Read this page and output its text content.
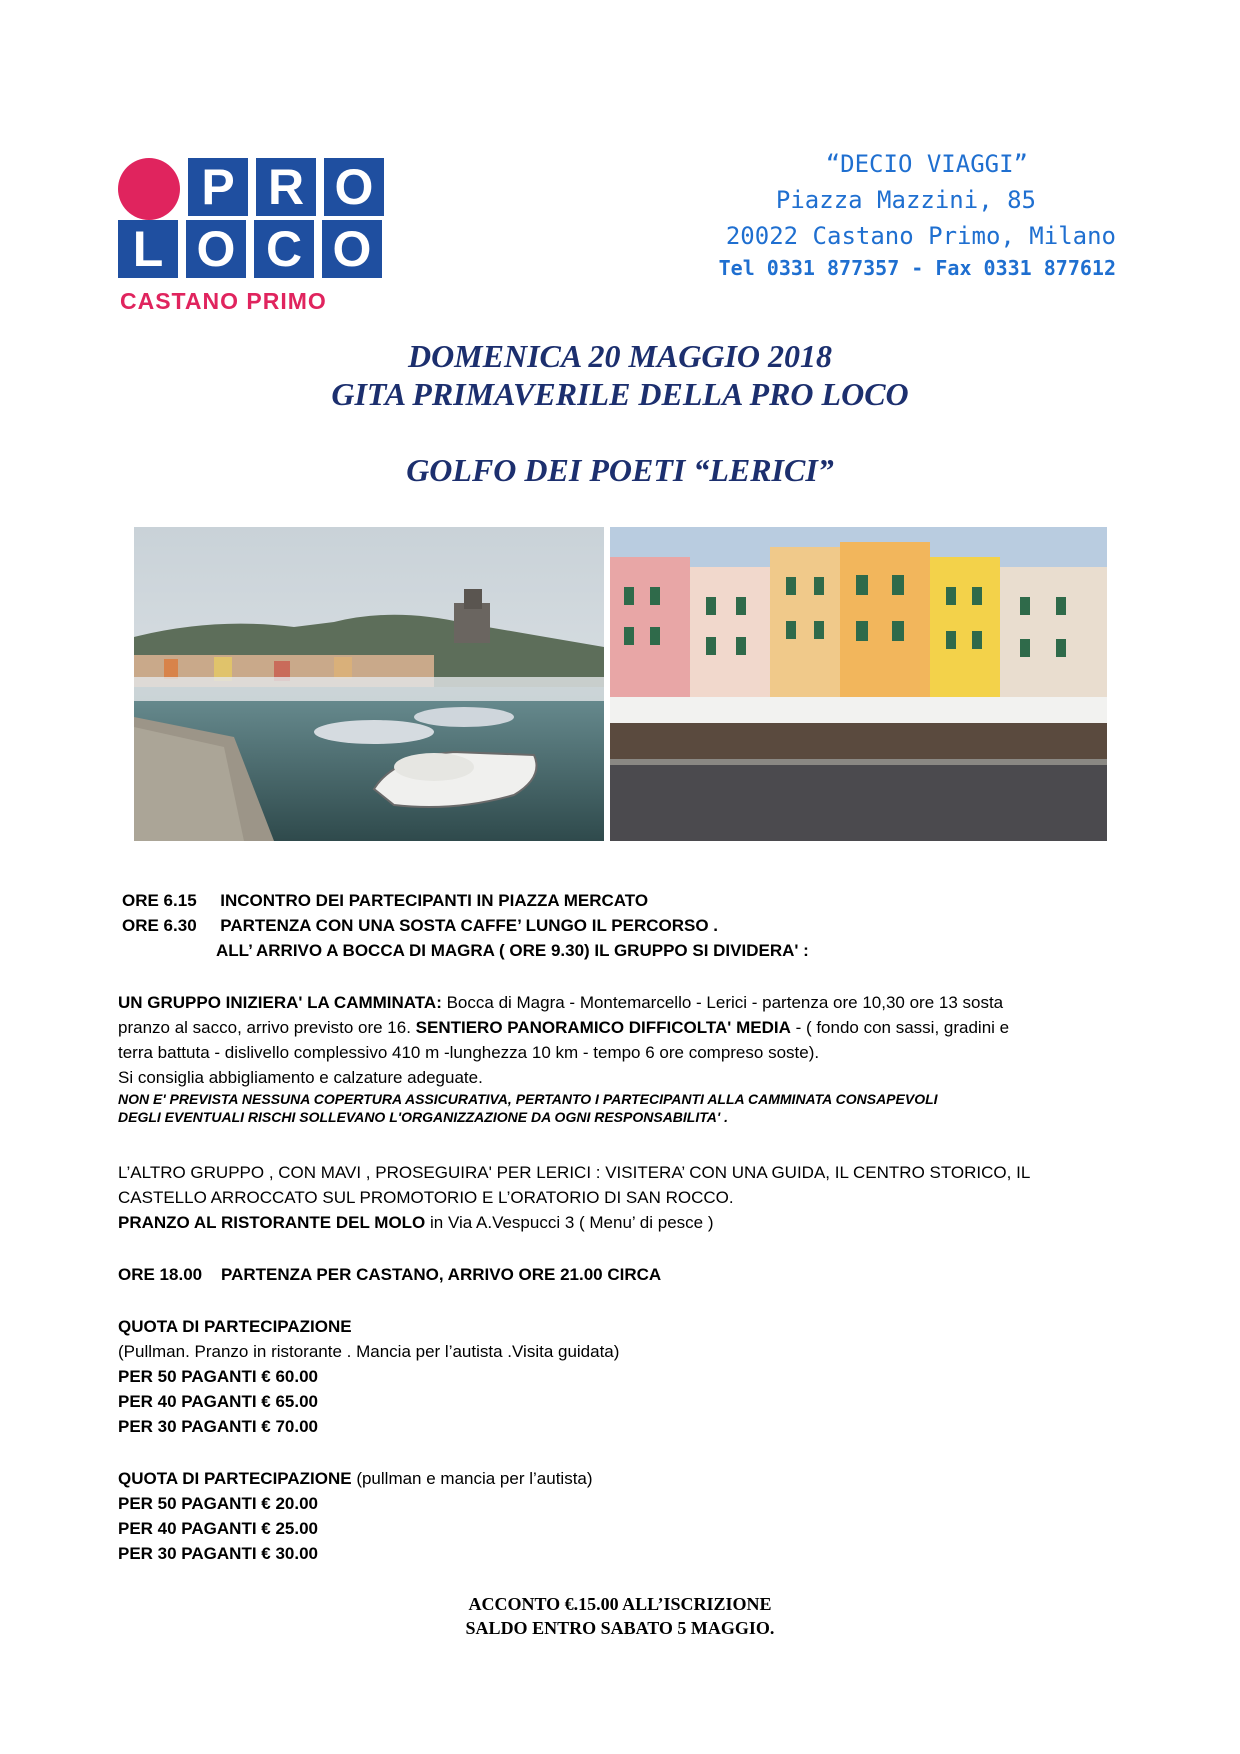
P R O
L O C O
CASTANO PRIMO
“DECIO VIAGGI”
Piazza Mazzini, 85
20022 Castano Primo, Milano
Tel 0331 877357 - Fax 0331 877612
DOMENICA 20 MAGGIO 2018
GITA PRIMAVERILE DELLA PRO LOCO
GOLFO DEI POETI “LERICI”
ORE 6.15 INCONTRO DEI PARTECIPANTI IN PIAZZA MERCATO
ORE 6.30 PARTENZA CON UNA SOSTA CAFFE’ LUNGO IL PERCORSO .
ALL’ ARRIVO A BOCCA DI MAGRA ( ORE 9.30) IL GRUPPO SI DIVIDERA' :
UN GRUPPO INIZIERA' LA CAMMINATA: Bocca di Magra - Montemarcello - Lerici - partenza ore 10,30 ore 13 sosta
pranzo al sacco, arrivo previsto ore 16. SENTIERO PANORAMICO DIFFICOLTA' MEDIA - ( fondo con sassi, gradini e
terra battuta - dislivello complessivo 410 m -lunghezza 10 km - tempo 6 ore compreso soste).
Si consiglia abbigliamento e calzature adeguate.
NON E' PREVISTA NESSUNA COPERTURA ASSICURATIVA, PERTANTO I PARTECIPANTI ALLA CAMMINATA CONSAPEVOLI
DEGLI EVENTUALI RISCHI SOLLEVANO L'ORGANIZZAZIONE DA OGNI RESPONSABILITA' .
L’ALTRO GRUPPO , CON MAVI , PROSEGUIRA' PER LERICI : VISITERA’ CON UNA GUIDA, IL CENTRO STORICO, IL
CASTELLO ARROCCATO SUL PROMOTORIO E L’ORATORIO DI SAN ROCCO.
PRANZO AL RISTORANTE DEL MOLO in Via A.Vespucci 3 ( Menu’ di pesce )
ORE 18.00 PARTENZA PER CASTANO, ARRIVO ORE 21.00 CIRCA
QUOTA DI PARTECIPAZIONE
(Pullman. Pranzo in ristorante . Mancia per l’autista .Visita guidata)
PER 50 PAGANTI € 60.00
PER 40 PAGANTI € 65.00
PER 30 PAGANTI € 70.00
QUOTA DI PARTECIPAZIONE (pullman e mancia per l’autista)
PER 50 PAGANTI € 20.00
PER 40 PAGANTI € 25.00
PER 30 PAGANTI € 30.00
ACCONTO €.15.00 ALL’ISCRIZIONE
SALDO ENTRO SABATO 5 MAGGIO.
